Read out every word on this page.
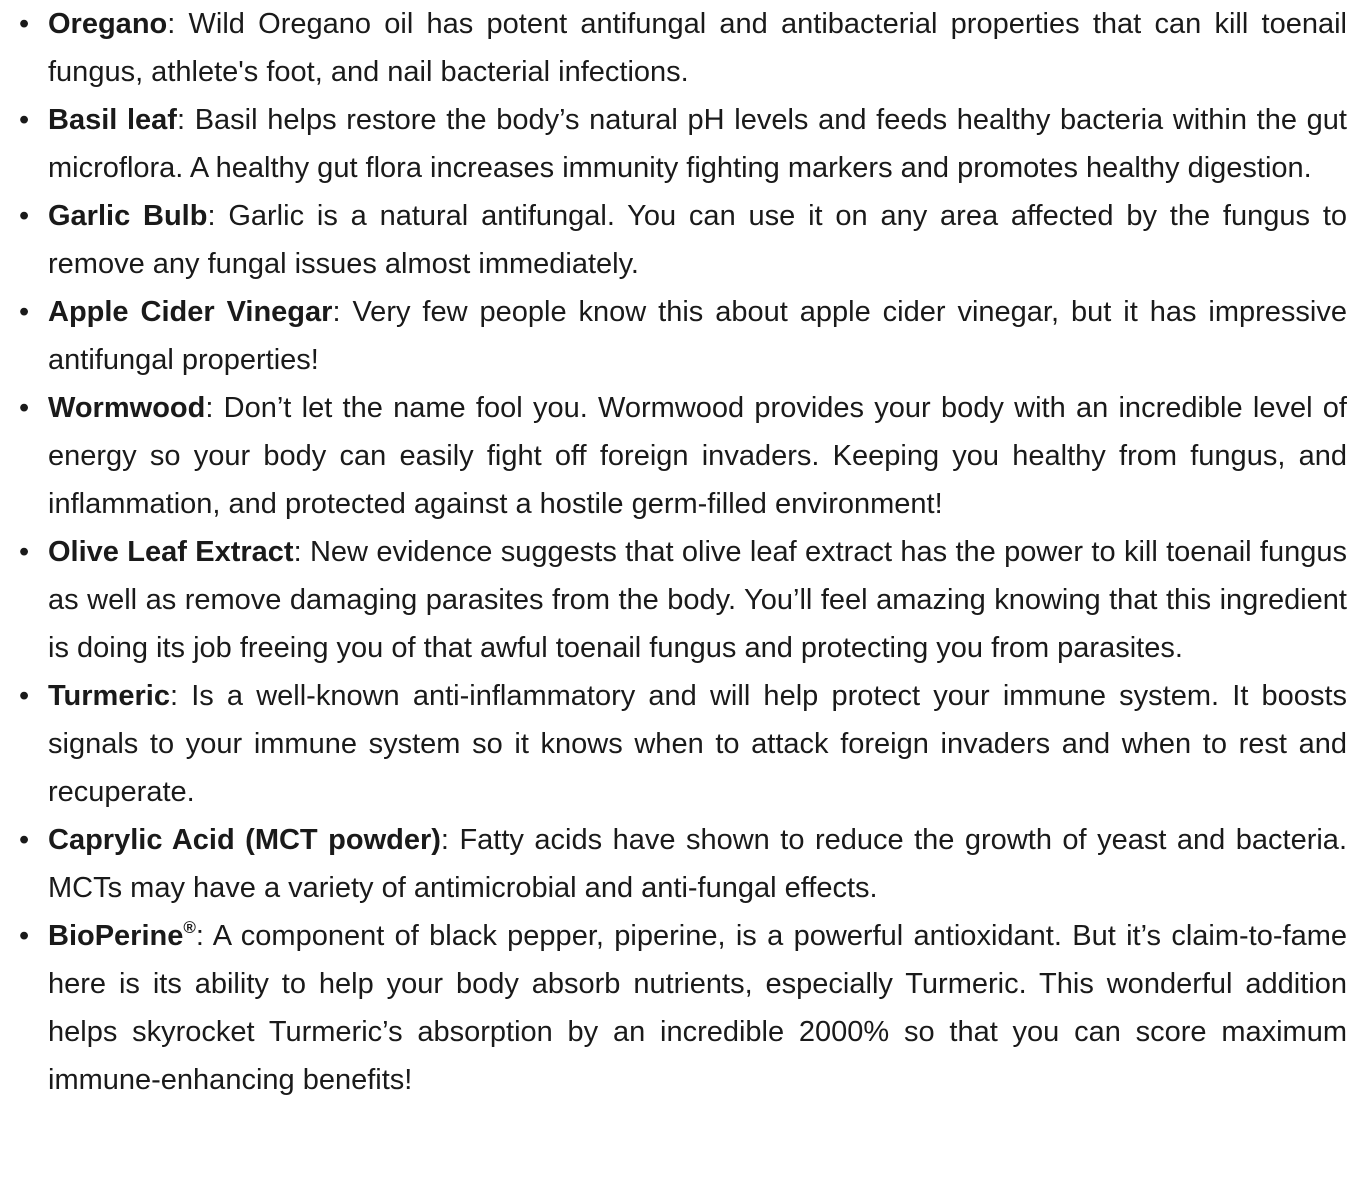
• Oregano: Wild Oregano oil has potent antifungal and antibacterial properties that can kill toenail fungus, athlete's foot, and nail bacterial infections.
• Basil leaf: Basil helps restore the body’s natural pH levels and feeds healthy bacteria within the gut microflora. A healthy gut flora increases immunity fighting markers and promotes healthy digestion.
• Garlic Bulb: Garlic is a natural antifungal. You can use it on any area affected by the fungus to remove any fungal issues almost immediately.
• Apple Cider Vinegar: Very few people know this about apple cider vinegar, but it has impressive antifungal properties!
• Wormwood: Don’t let the name fool you. Wormwood provides your body with an incredible level of energy so your body can easily fight off foreign invaders. Keeping you healthy from fungus, and inflammation, and protected against a hostile germ-filled environment!
• Olive Leaf Extract: New evidence suggests that olive leaf extract has the power to kill toenail fungus as well as remove damaging parasites from the body. You’ll feel amazing knowing that this ingredient is doing its job freeing you of that awful toenail fungus and protecting you from parasites.
• Turmeric: Is a well-known anti-inflammatory and will help protect your immune system. It boosts signals to your immune system so it knows when to attack foreign invaders and when to rest and recuperate.
• Caprylic Acid (MCT powder): Fatty acids have shown to reduce the growth of yeast and bacteria. MCTs may have a variety of antimicrobial and anti-fungal effects.
• BioPerine®: A component of black pepper, piperine, is a powerful antioxidant. But it’s claim-to-fame here is its ability to help your body absorb nutrients, especially Turmeric. This wonderful addition helps skyrocket Turmeric’s absorption by an incredible 2000% so that you can score maximum immune-enhancing benefits!
